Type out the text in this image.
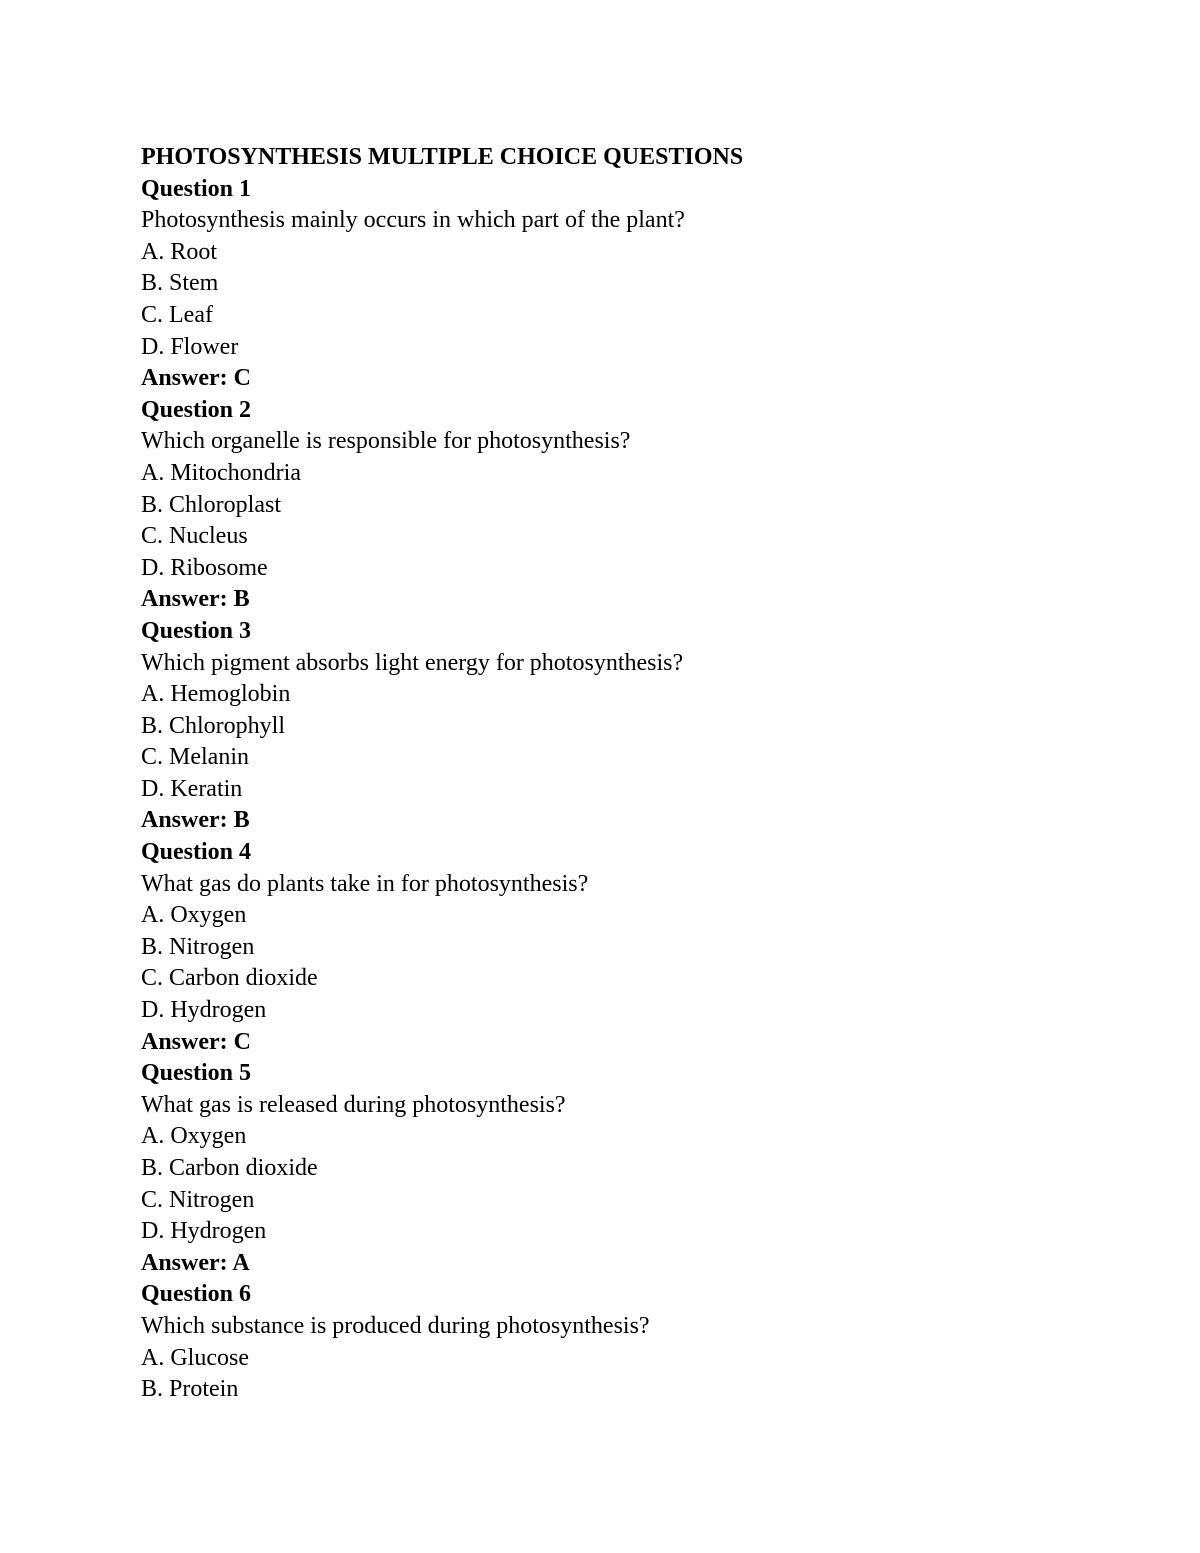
PHOTOSYNTHESIS MULTIPLE CHOICE QUESTIONS
Question 1
Photosynthesis mainly occurs in which part of the plant?
A. Root
B. Stem
C. Leaf
D. Flower
Answer: C
Question 2
Which organelle is responsible for photosynthesis?
A. Mitochondria
B. Chloroplast
C. Nucleus
D. Ribosome
Answer: B
Question 3
Which pigment absorbs light energy for photosynthesis?
A. Hemoglobin
B. Chlorophyll
C. Melanin
D. Keratin
Answer: B
Question 4
What gas do plants take in for photosynthesis?
A. Oxygen
B. Nitrogen
C. Carbon dioxide
D. Hydrogen
Answer: C
Question 5
What gas is released during photosynthesis?
A. Oxygen
B. Carbon dioxide
C. Nitrogen
D. Hydrogen
Answer: A
Question 6
Which substance is produced during photosynthesis?
A. Glucose
B. Protein
